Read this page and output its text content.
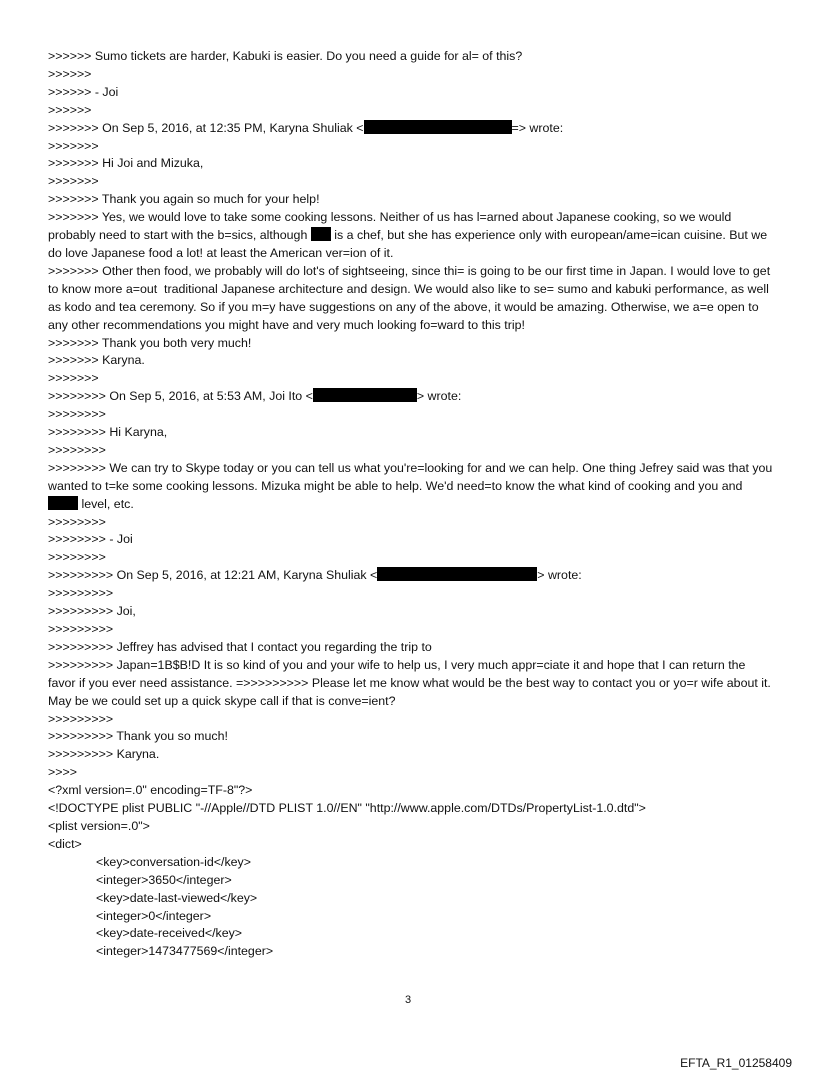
>>>>>> Sumo tickets are harder, Kabuki is easier. Do you need a guide for al= of this?
>>>>>>
>>>>>> - Joi
>>>>>>
>>>>>>> On Sep 5, 2016, at 12:35 PM, Karyna Shuliak <	=> wrote:
>>>>>>>
>>>>>>> Hi Joi and Mizuka,
>>>>>>>
>>>>>>> Thank you again so much for your help!
>>>>>>> Yes, we would love to take some cooking lessons. Neither of us has l=arned about Japanese cooking, so we would probably need to start with the b=sics, although is a chef, but she has experience only with european/ame=ican cuisine. But we do love Japanese food a lot! at least the American ver=ion of it.
>>>>>>> Other then food, we probably will do lot's of sightseeing, since thi= is going to be our first time in Japan. I would love to get to know more a=out  traditional Japanese architecture and design. We would also like to se= sumo and kabuki performance, as well as kodo and tea ceremony. So if you m=y have suggestions on any of the above, it would be amazing. Otherwise, we a=e open to any other recommendations you might have and very much looking fo=ward to this trip!
>>>>>>> Thank you both very much!
>>>>>>> Karyna.
>>>>>>>
>>>>>>>> On Sep 5, 2016, at 5:53 AM, Joi Ito <	> wrote:
>>>>>>>>
>>>>>>>> Hi Karyna,
>>>>>>>>
>>>>>>>> We can try to Skype today or you can tell us what you're=looking for and we can help. One thing Jefrey said was that you wanted to t=ke some cooking lessons. Mizuka might be able to help. We'd need=to know the what kind of cooking and you and  level, etc.
>>>>>>>>
>>>>>>>> - Joi
>>>>>>>>
>>>>>>>>> On Sep 5, 2016, at 12:21 AM, Karyna Shuliak <	> wrote:
>>>>>>>>>
>>>>>>>>> Joi,
>>>>>>>>>
>>>>>>>>> Jeffrey has advised that I contact you regarding the trip to
>>>>>>>>> Japan=1B$B!D It is so kind of you and your wife to help us, I very much appr=ciate it and hope that I can return the favor if you ever need assistance. =>>>>>>>>> Please let me know what would be the best way to contact you or yo=r wife about it. May be we could set up a quick skype call if that is conve=ient?
>>>>>>>>>
>>>>>>>>> Thank you so much!
>>>>>>>>> Karyna.
>>>>
<?xml version=.0" encoding=TF-8"?>
<!DOCTYPE plist PUBLIC "-//Apple//DTD PLIST 1.0//EN" "http://www.apple.com/DTDs/PropertyList-1.0.dtd">
<plist version=.0">
<dict>
<key>conversation-id</key>
<integer>3650</integer>
<key>date-last-viewed</key>
<integer>0</integer>
<key>date-received</key>
<integer>1473477569</integer>
3
EFTA_R1_01258409
